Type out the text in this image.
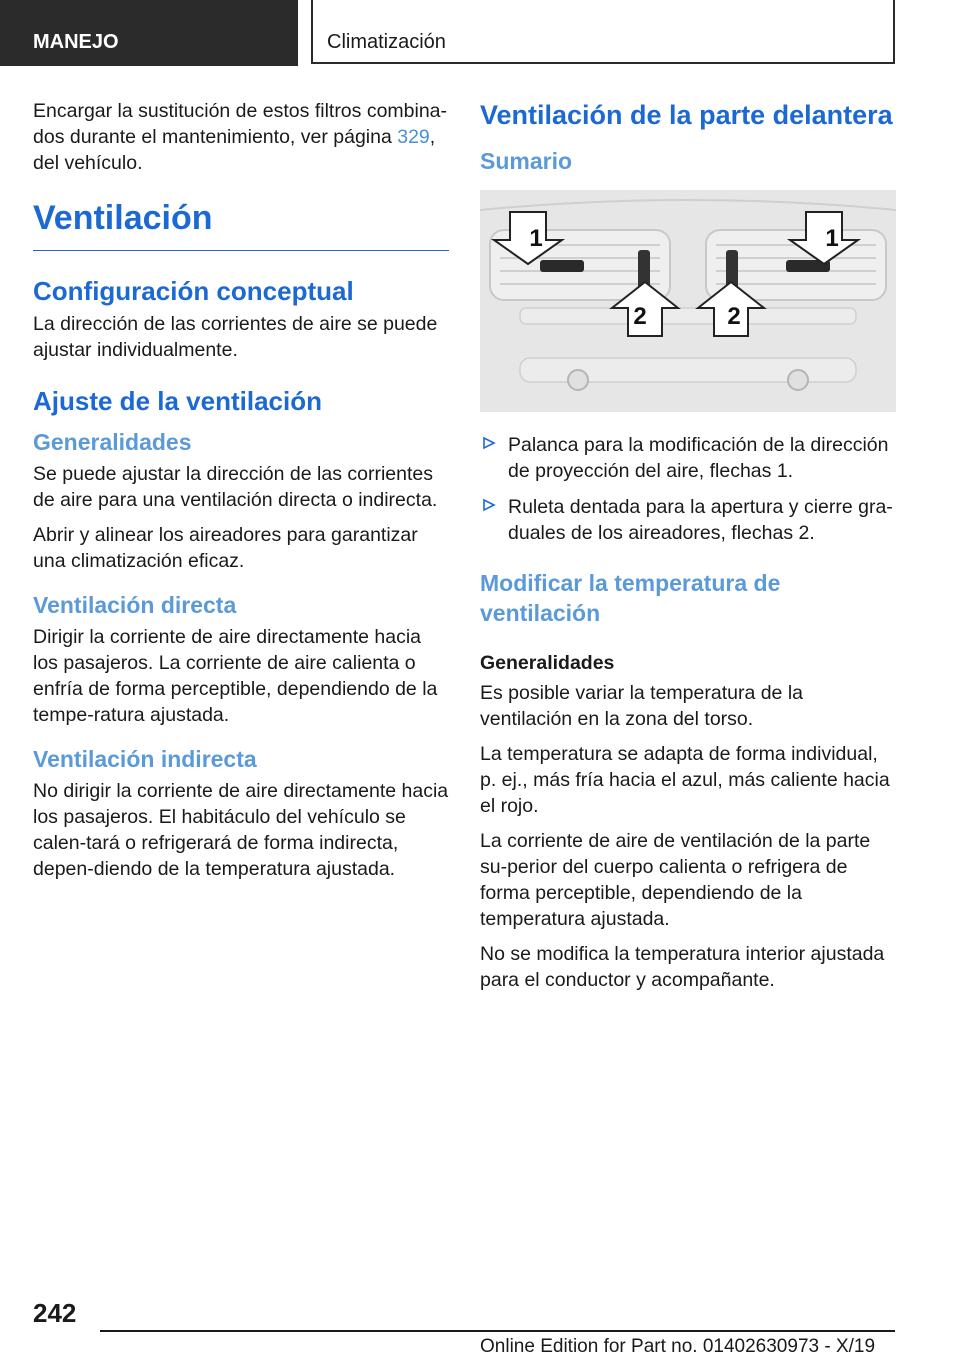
MANEJO	Climatización

Encargar la sustitución de estos filtros combina-dos durante el mantenimiento, ver página 329, del vehículo.

Ventilación
Configuración conceptual

La dirección de las corrientes de aire se puede ajustar individualmente.

Ajuste de la ventilación
Generalidades

Se puede ajustar la dirección de las corrientes de aire para una ventilación directa o indirecta.

Abrir y alinear los aireadores para garantizar una climatización eficaz.

Ventilación directa

Dirigir la corriente de aire directamente hacia los pasajeros. La corriente de aire calienta o enfría de forma perceptible, dependiendo de la tempe-ratura ajustada.

Ventilación indirecta

No dirigir la corriente de aire directamente hacia los pasajeros. El habitáculo del vehículo se calen-tará o refrigerará de forma indirecta, depen-diendo de la temperatura ajustada.

Ventilación de la parte delantera
Sumario
1	1
2	2
Palanca para la modificación de la dirección de proyección del aire, flechas 1.
Ruleta dentada para la apertura y cierre gra-duales de los aireadores, flechas 2.
Modificar la temperatura de ventilación
Generalidades

Es posible variar la temperatura de la ventilación en la zona del torso.

La temperatura se adapta de forma individual, p. ej., más fría hacia el azul, más caliente hacia el rojo.

La corriente de aire de ventilación de la parte su-perior del cuerpo calienta o refrigera de forma perceptible, dependiendo de la temperatura ajustada.

No se modifica la temperatura interior ajustada para el conductor y acompañante.

242
Online Edition for Part no. 01402630973 - X/19
